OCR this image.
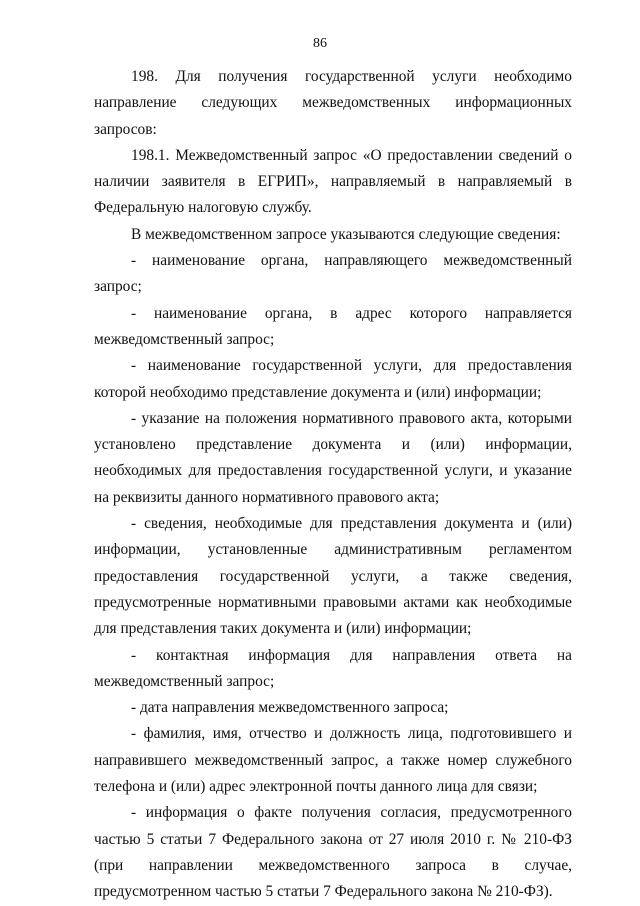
86

198. Для получения государственной услуги необходимо направление следующих межведомственных информационных запросов:

198.1. Межведомственный запрос «О предоставлении сведений о наличии заявителя в ЕГРИП», направляемый в направляемый в Федеральную налоговую службу.

В межведомственном запросе указываются следующие сведения:

- наименование органа, направляющего межведомственный запрос;

- наименование органа, в адрес которого направляется межведомственный запрос;

- наименование государственной услуги, для предоставления которой необходимо представление документа и (или) информации;

- указание на положения нормативного правового акта, которыми установлено представление документа и (или) информации, необходимых для предоставления государственной услуги, и указание на реквизиты данного нормативного правового акта;

- сведения, необходимые для представления документа и (или) информации, установленные административным регламентом предоставления государственной услуги, а также сведения, предусмотренные нормативными правовыми актами как необходимые для представления таких документа и (или) информации;

- контактная информация для направления ответа на межведомственный запрос;

- дата направления межведомственного запроса;

- фамилия, имя, отчество и должность лица, подготовившего и направившего межведомственный запрос, а также номер служебного телефона и (или) адрес электронной почты данного лица для связи;

- информация о факте получения согласия, предусмотренного частью 5 статьи 7 Федерального закона от 27 июля 2010 г. № 210-ФЗ (при направлении межведомственного запроса в случае, предусмотренном частью 5 статьи 7 Федерального закона № 210-ФЗ).
